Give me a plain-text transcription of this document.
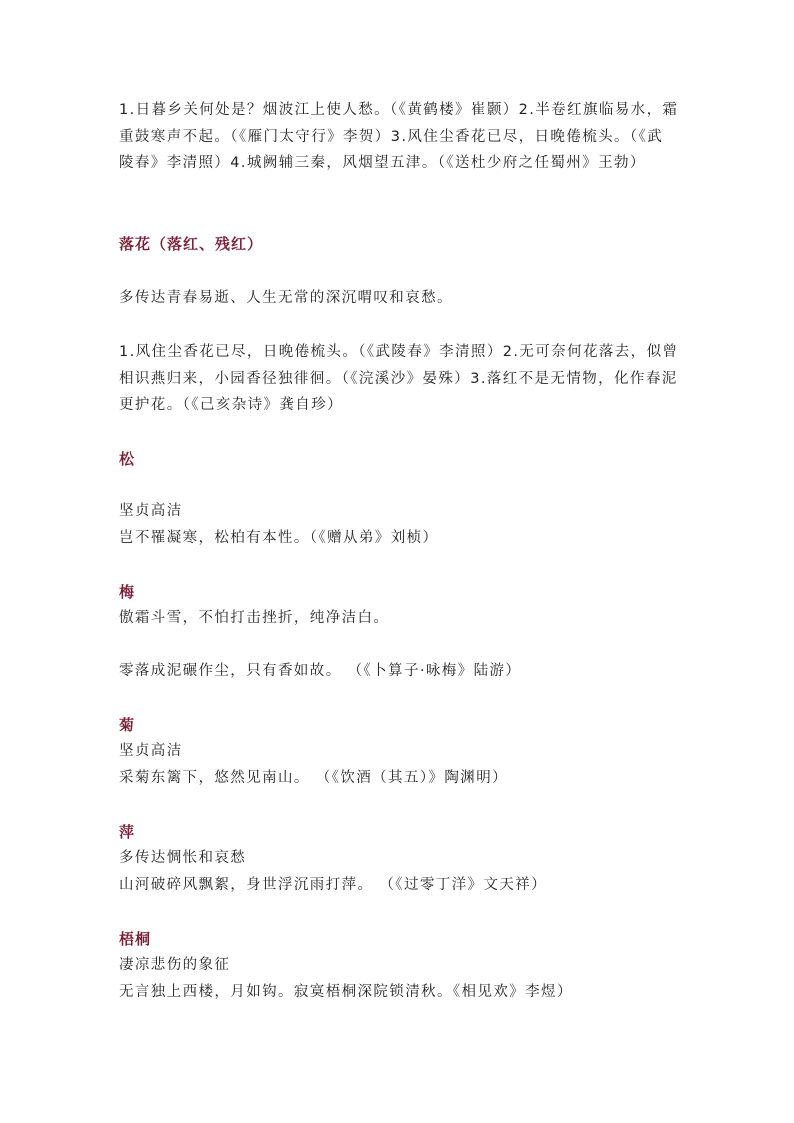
1.日暮乡关何处是？烟波江上使人愁。（《黄鹤楼》崔颢）2.半卷红旗临易水，霜重鼓寒声不起。（《雁门太守行》李贺）3.风住尘香花已尽，日晚倦梳头。（《武陵春》李清照）4.城阙辅三秦，风烟望五津。（《送杜少府之任蜀州》王勃）

落花（落红、残红）

多传达青春易逝、人生无常的深沉喟叹和哀愁。

1.风住尘香花已尽，日晚倦梳头。（《武陵春》李清照）2.无可奈何花落去，似曾相识燕归来，小园香径独徘徊。（《浣溪沙》晏殊）3.落红不是无情物，化作春泥更护花。（《己亥杂诗》龚自珍）

松

坚贞高洁

岂不罹凝寒，松柏有本性。（《赠从弟》刘桢）

梅

傲霜斗雪，不怕打击挫折，纯净洁白。

零落成泥碾作尘，只有香如故。 （《卜算子·咏梅》陆游）

菊

坚贞高洁

采菊东篱下，悠然见南山。 （《饮酒（其五）》陶渊明）

萍

多传达惆怅和哀愁

山河破碎风飘絮，身世浮沉雨打萍。 （《过零丁洋》文天祥）

梧桐

凄凉悲伤的象征

无言独上西楼，月如钩。寂寞梧桐深院锁清秋。《相见欢》李煜）
